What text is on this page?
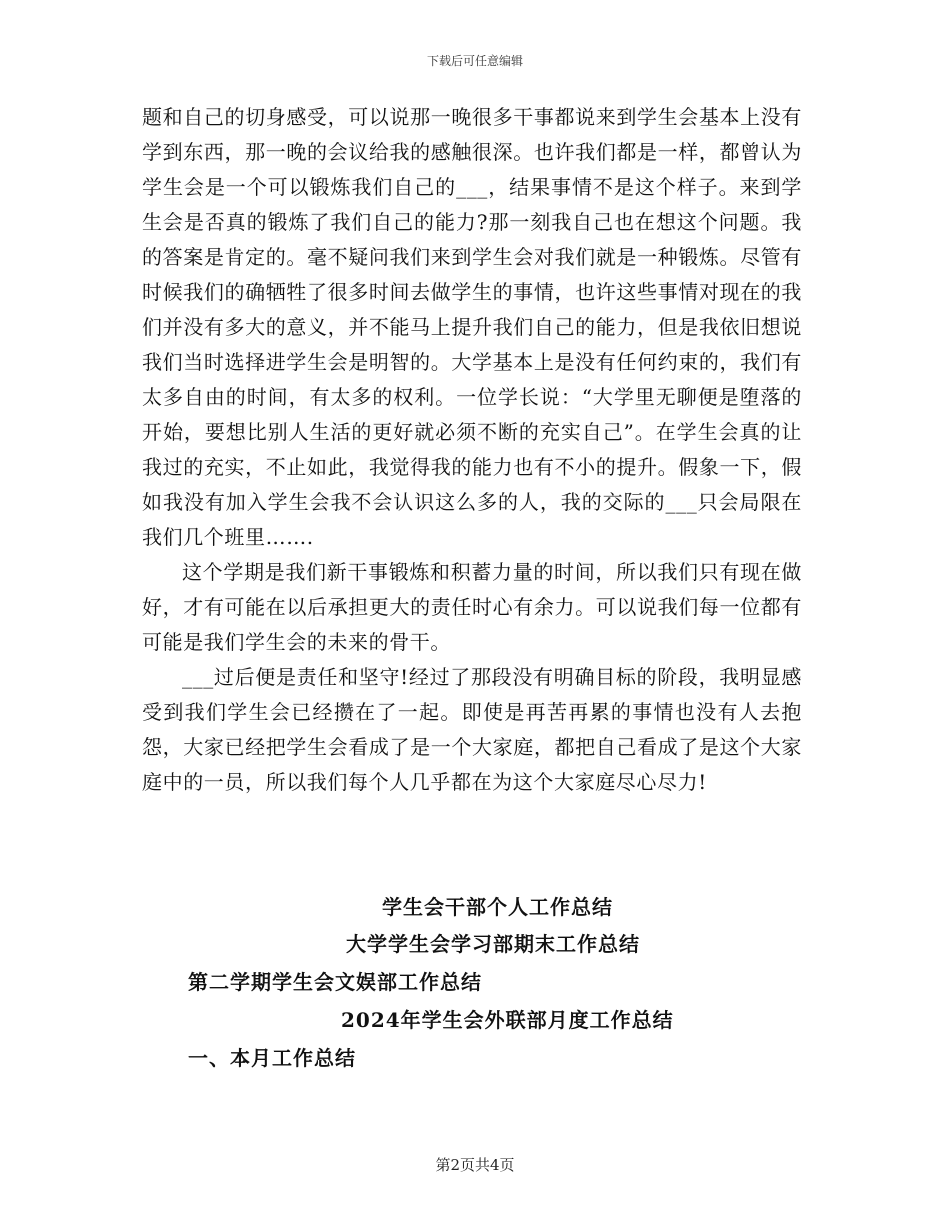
下载后可任意编辑

题和自己的切身感受，可以说那一晚很多干事都说来到学生会基本上没有学到东西，那一晚的会议给我的感触很深。也许我们都是一样，都曾认为学生会是一个可以锻炼我们自己的___，结果事情不是这个样子。来到学生会是否真的锻炼了我们自己的能力?那一刻我自己也在想这个问题。我的答案是肯定的。毫不疑问我们来到学生会对我们就是一种锻炼。尽管有时候我们的确牺牲了很多时间去做学生的事情，也许这些事情对现在的我们并没有多大的意义，并不能马上提升我们自己的能力，但是我依旧想说我们当时选择进学生会是明智的。大学基本上是没有任何约束的，我们有太多自由的时间，有太多的权利。一位学长说：“大学里无聊便是堕落的开始，要想比别人生活的更好就必须不断的充实自己”。在学生会真的让我过的充实，不止如此，我觉得我的能力也有不小的提升。假象一下，假如我没有加入学生会我不会认识这么多的人，我的交际的___只会局限在我们几个班里…….

这个学期是我们新干事锻炼和积蓄力量的时间，所以我们只有现在做好，才有可能在以后承担更大的责任时心有余力。可以说我们每一位都有可能是我们学生会的未来的骨干。

___过后便是责任和坚守!经过了那段没有明确目标的阶段，我明显感受到我们学生会已经攒在了一起。即使是再苦再累的事情也没有人去抱怨，大家已经把学生会看成了是一个大家庭，都把自己看成了是这个大家庭中的一员，所以我们每个人几乎都在为这个大家庭尽心尽力!

学生会干部个人工作总结
大学学生会学习部期末工作总结
第二学期学生会文娱部工作总结
2024年学生会外联部月度工作总结
一、本月工作总结
第2页共4页
